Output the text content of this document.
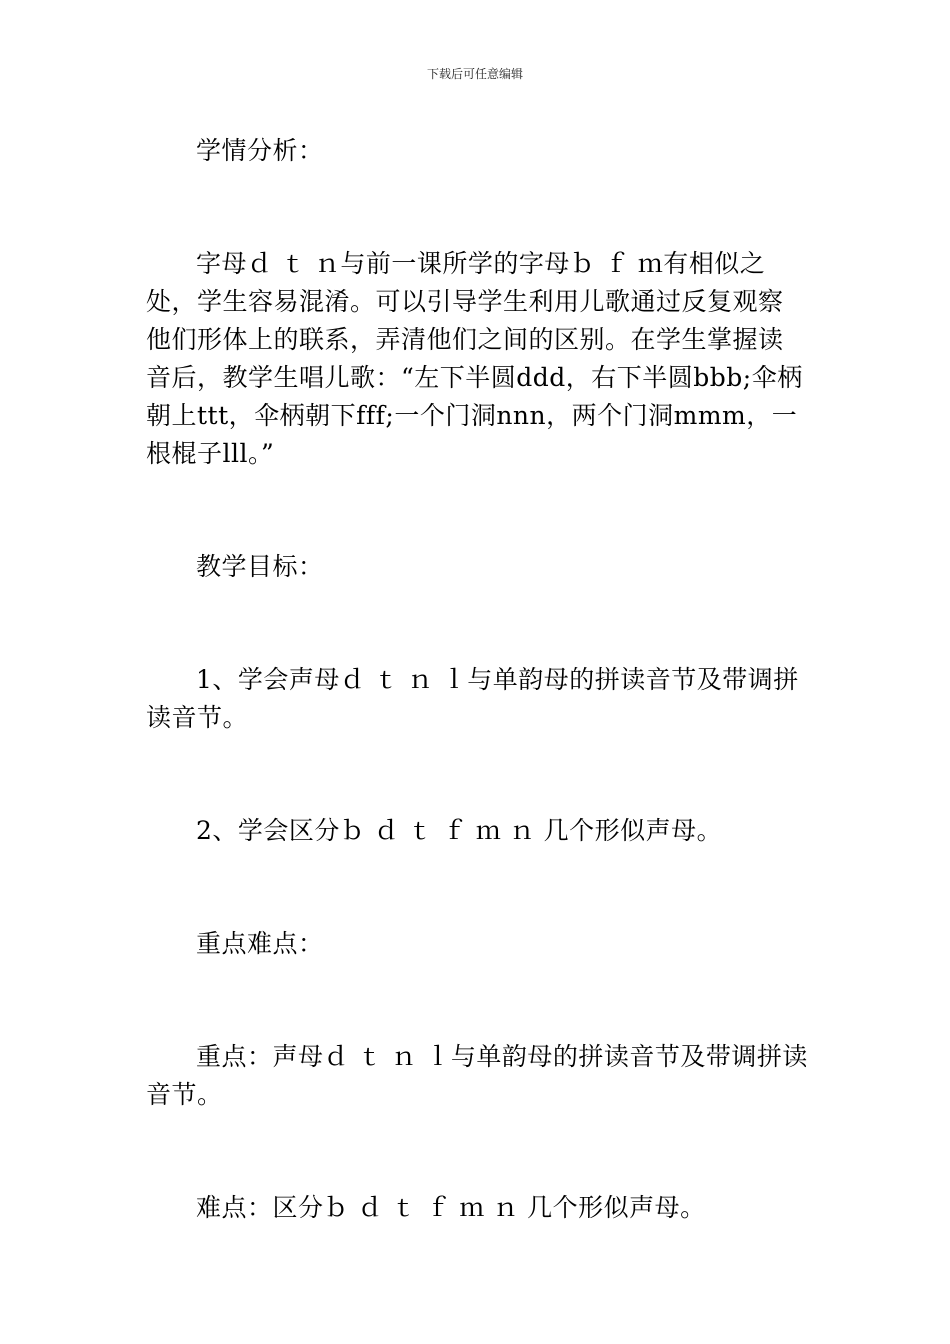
下载后可任意编辑

学情分析：

字母ｄ ｔ ｎ与前一课所学的字母ｂ ｆ ｍ有相似之处，学生容易混淆。可以引导学生利用儿歌通过反复观察他们形体上的联系，弄清他们之间的区别。在学生掌握读音后，教学生唱儿歌：“左下半圆ddd，右下半圆bbb;伞柄朝上ttt，伞柄朝下fff;一个门洞nnn，两个门洞mmm，一根棍子lll。”

教学目标：

1、学会声母ｄ ｔ ｎ ｌ与单韵母的拼读音节及带调拼读音节。

2、学会区分ｂ ｄ ｔ ｆ ｍ ｎ 几个形似声母。

重点难点：

重点：声母ｄ ｔ ｎ ｌ与单韵母的拼读音节及带调拼读音节。

难点：区分ｂ ｄ ｔ ｆ ｍ ｎ 几个形似声母。
